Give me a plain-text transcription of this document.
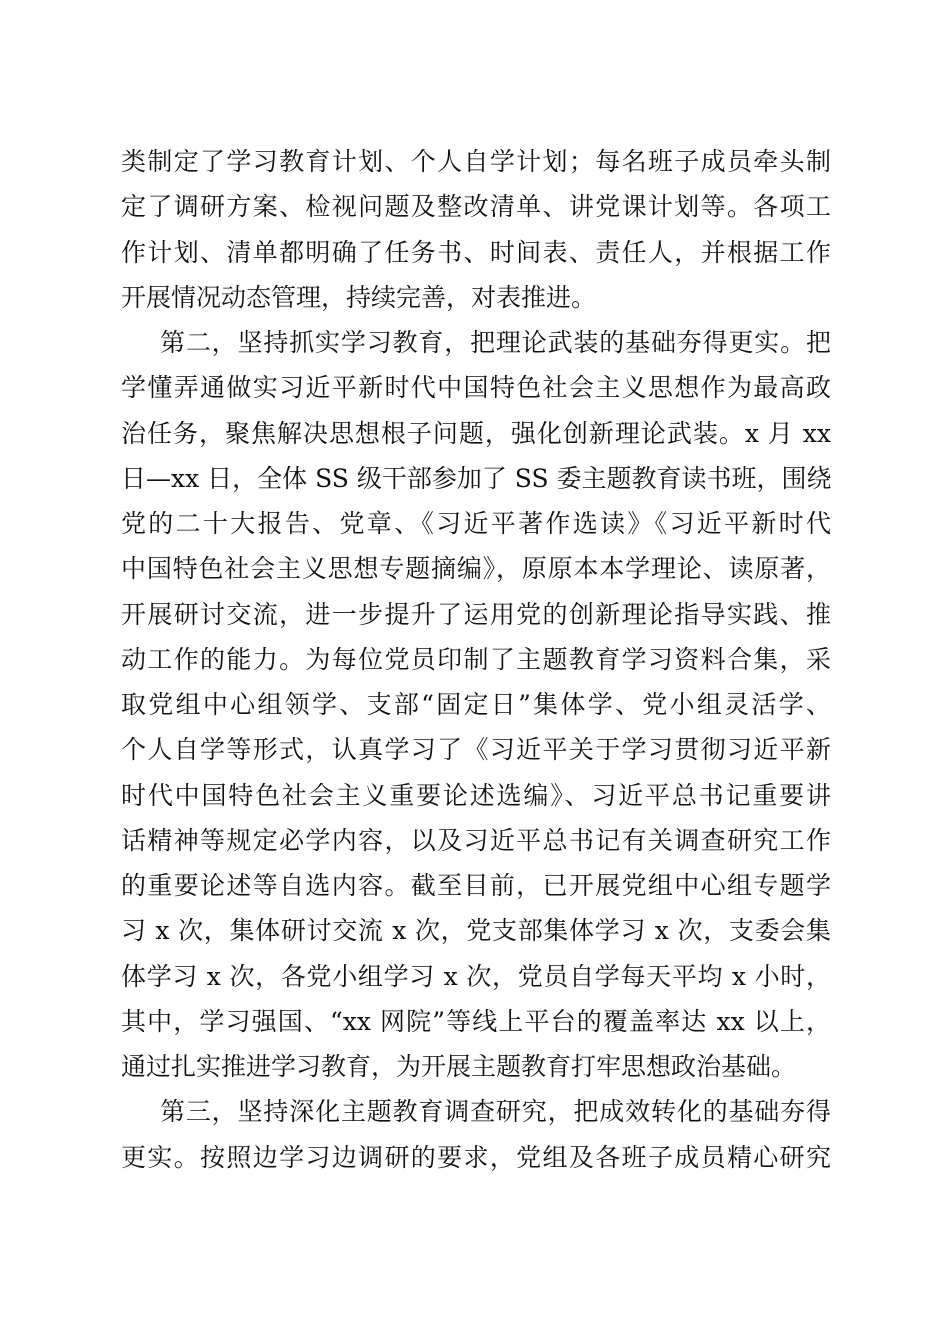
类制定了学习教育计划、个人自学计划；每名班子成员牵头制
定了调研方案、检视问题及整改清单、讲党课计划等。各项工
作计划、清单都明确了任务书、时间表、责任人，并根据工作
开展情况动态管理，持续完善，对表推进。
第二，坚持抓实学习教育，把理论武装的基础夯得更实。把
学懂弄通做实习近平新时代中国特色社会主义思想作为最高政
治任务，聚焦解决思想根子问题，强化创新理论武装。x 月 xx
日—xx 日，全体 SS 级干部参加了 SS 委主题教育读书班，围绕
党的二十大报告、党章、《习近平著作选读》《习近平新时代
中国特色社会主义思想专题摘编》，原原本本学理论、读原著，
开展研讨交流，进一步提升了运用党的创新理论指导实践、推
动工作的能力。为每位党员印制了主题教育学习资料合集，采
取党组中心组领学、支部“固定日”集体学、党小组灵活学、
个人自学等形式，认真学习了《习近平关于学习贯彻习近平新
时代中国特色社会主义重要论述选编》、习近平总书记重要讲
话精神等规定必学内容，以及习近平总书记有关调查研究工作
的重要论述等自选内容。截至目前，已开展党组中心组专题学
习 x 次，集体研讨交流 x 次，党支部集体学习 x 次，支委会集
体学习 x 次，各党小组学习 x 次，党员自学每天平均 x 小时，
其中，学习强国、“xx 网院”等线上平台的覆盖率达 xx 以上，
通过扎实推进学习教育，为开展主题教育打牢思想政治基础。
第三，坚持深化主题教育调查研究，把成效转化的基础夯得
更实。按照边学习边调研的要求，党组及各班子成员精心研究
